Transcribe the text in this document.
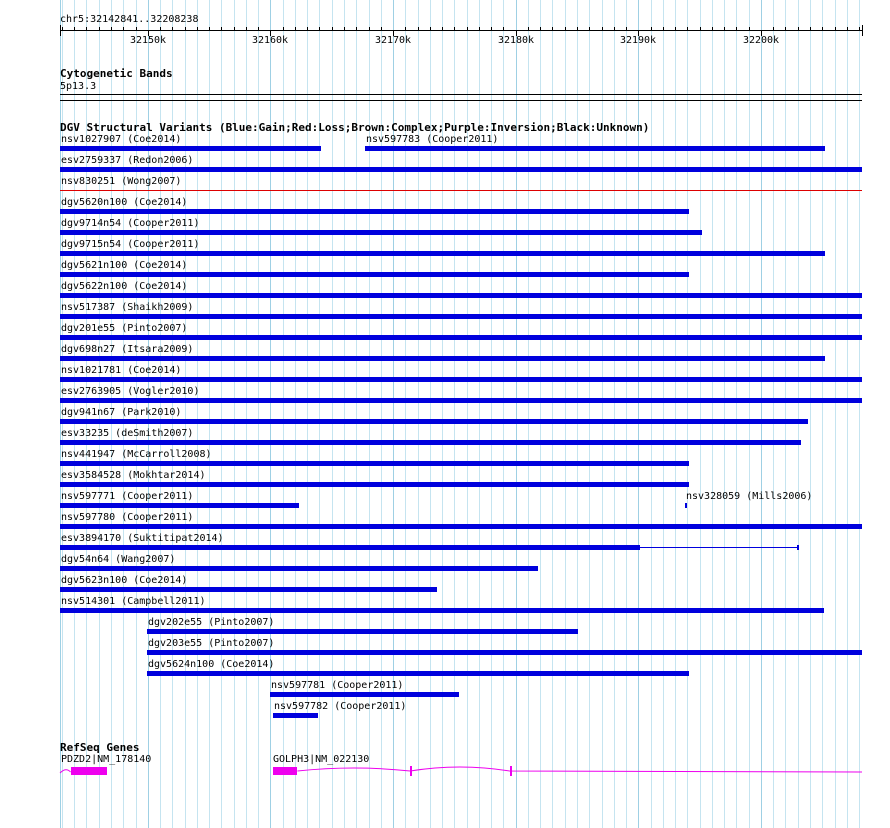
chr5:32142841..32208238
32150k	32160k	32170k	32180k	32190k	32200k
Cytogenetic Bands
5p13.3
DGV Structural Variants (Blue:Gain;Red:Loss;Brown:Complex;Purple:Inversion;Black:Unknown)
nsv1027907 (Coe2014)	nsv597783 (Cooper2011)
esv2759337 (Redon2006)
nsv830251 (Wong2007)
dgv5620n100 (Coe2014)
dgv9714n54 (Cooper2011)
dgv9715n54 (Cooper2011)
dgv5621n100 (Coe2014)
dgv5622n100 (Coe2014)
nsv517387 (Shaikh2009)
dgv201e55 (Pinto2007)
dgv698n27 (Itsara2009)
nsv1021781 (Coe2014)
esv2763905 (Vogler2010)
dgv941n67 (Park2010)
esv33235 (deSmith2007)
nsv441947 (McCarroll2008)
esv3584528 (Mokhtar2014)
nsv597771 (Cooper2011)	nsv328059 (Mills2006)
nsv597780 (Cooper2011)
esv3894170 (Suktitipat2014)
dgv54n64 (Wang2007)
dgv5623n100 (Coe2014)
nsv514301 (Campbell2011)
dgv202e55 (Pinto2007)
dgv203e55 (Pinto2007)
dgv5624n100 (Coe2014)
nsv597781 (Cooper2011)
nsv597782 (Cooper2011)
RefSeq Genes
PDZD2|NM_178140	GOLPH3|NM_022130
